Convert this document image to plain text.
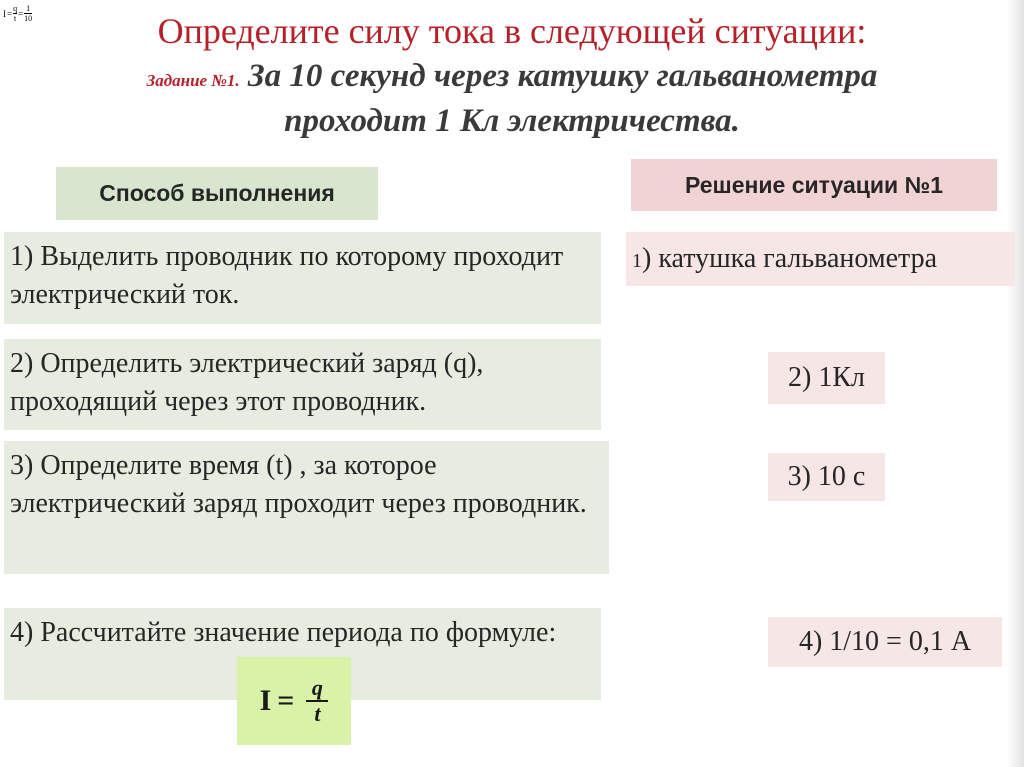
$I = \frac{q}{t} = \frac{1}{10}$	Определите силу тока в следующей ситуации:
Задание №1. За 10 секунд через катушку гальванометра
проходит 1 Кл электричества.
Способ выполнения	Решение ситуации №1
1) Выделить проводник по которому проходит электрический ток.
2) Определить электрический заряд (q), проходящий через этот проводник.
3) Определите время (t) , за которое электрический заряд проходит через проводник.
4) Рассчитайте значение периода по формуле:
1 ) катушка гальванометра
2) 1Кл
3) 10 с
4) 1/10 = 0,1 А
$I = \frac{q}{t}$
